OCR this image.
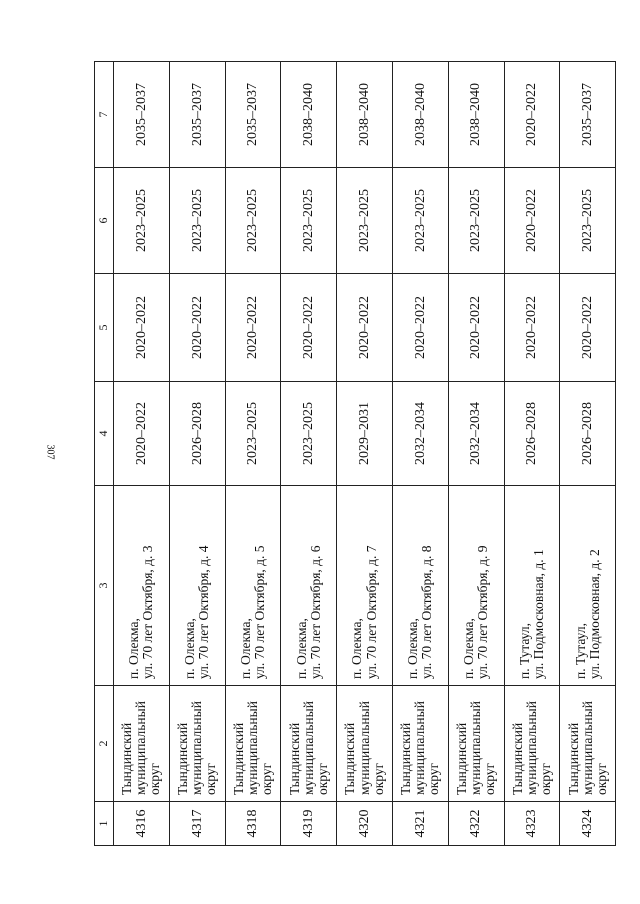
307
1	2	3	4	5	6	7
4316	Тындинский муниципальный округ	п. Олекма, ул. 70 лет Октября, д. 3	2020–2022	2020–2022	2023–2025	2035–2037
4317	Тындинский муниципальный округ	п. Олекма, ул. 70 лет Октября, д. 4	2026–2028	2020–2022	2023–2025	2035–2037
4318	Тындинский муниципальный округ	п. Олекма, ул. 70 лет Октября, д. 5	2023–2025	2020–2022	2023–2025	2035–2037
4319	Тындинский муниципальный округ	п. Олекма, ул. 70 лет Октября, д. 6	2023–2025	2020–2022	2023–2025	2038–2040
4320	Тындинский муниципальный округ	п. Олекма, ул. 70 лет Октября, д. 7	2029–2031	2020–2022	2023–2025	2038–2040
4321	Тындинский муниципальный округ	п. Олекма, ул. 70 лет Октября, д. 8	2032–2034	2020–2022	2023–2025	2038–2040
4322	Тындинский муниципальный округ	п. Олекма, ул. 70 лет Октября, д. 9	2032–2034	2020–2022	2023–2025	2038–2040
4323	Тындинский муниципальный округ	п. Тутаул, ул. Подмосковная, д. 1	2026–2028	2020–2022	2020–2022	2020–2022
4324	Тындинский муниципальный округ	п. Тутаул, ул. Подмосковная, д. 2	2026–2028	2020–2022	2023–2025	2035–2037
